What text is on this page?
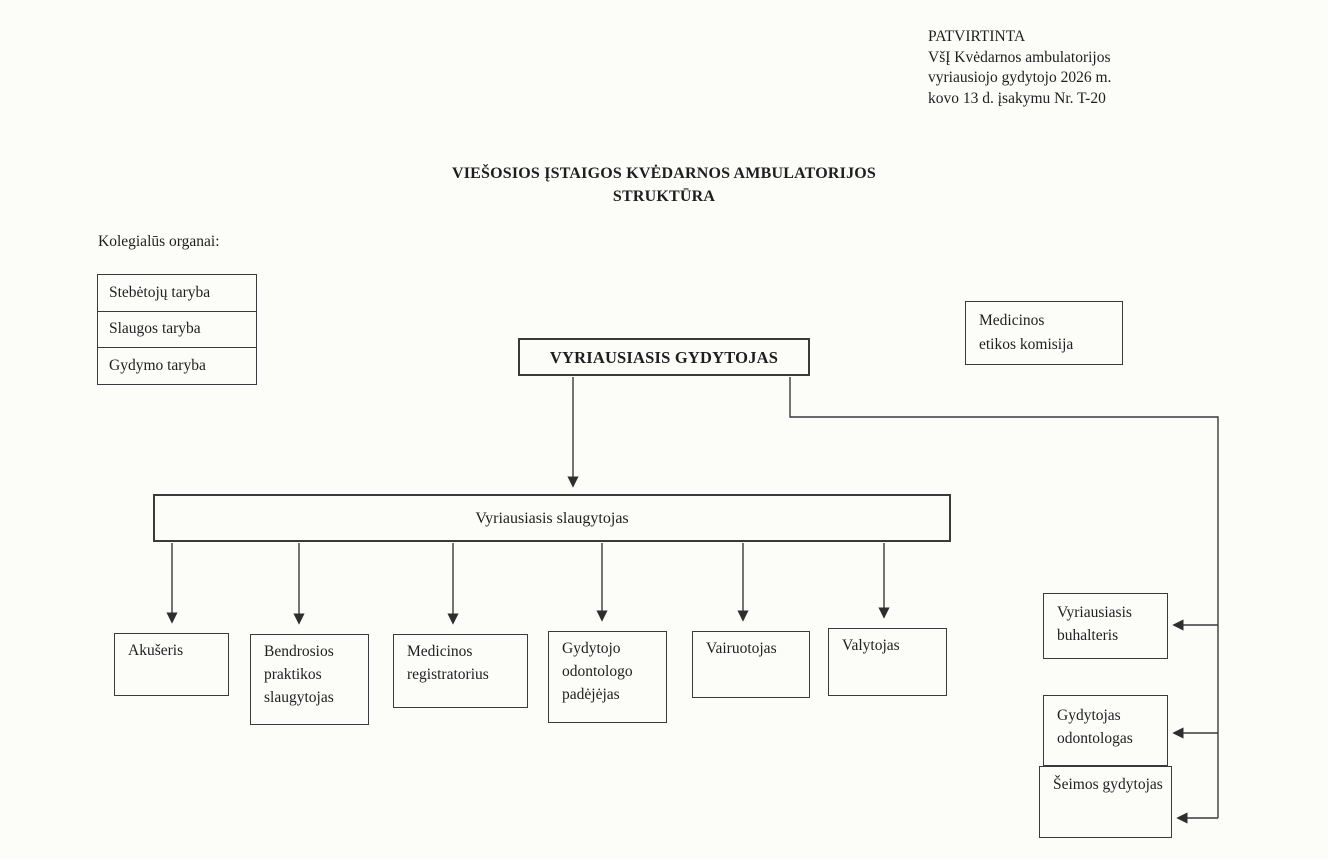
PATVIRTINTA
VšĮ Kvėdarnos ambulatorijos
vyriausiojo gydytojo 2026 m.
kovo 13 d. įsakymu Nr. T-20
VIEŠOSIOS ĮSTAIGOS KVĖDARNOS AMBULATORIJOS
STRUKTŪRA
Kolegialūs organai:
Stebėtojų taryba
Slaugos taryba
Gydymo taryba	VYRIAUSIASIS GYDYTOJAS
Medicinos
etikos komisija
Vyriausiasis slaugytojas
Akušeris	Bendrosios praktikos slaugytojas
Medicinos registratorius
Gydytojo odontologo padėjėjas
Vairuotojas	Valytojas
Vyriausiasis buhalteris
Gydytojas odontologas
Šeimos gydytojas
